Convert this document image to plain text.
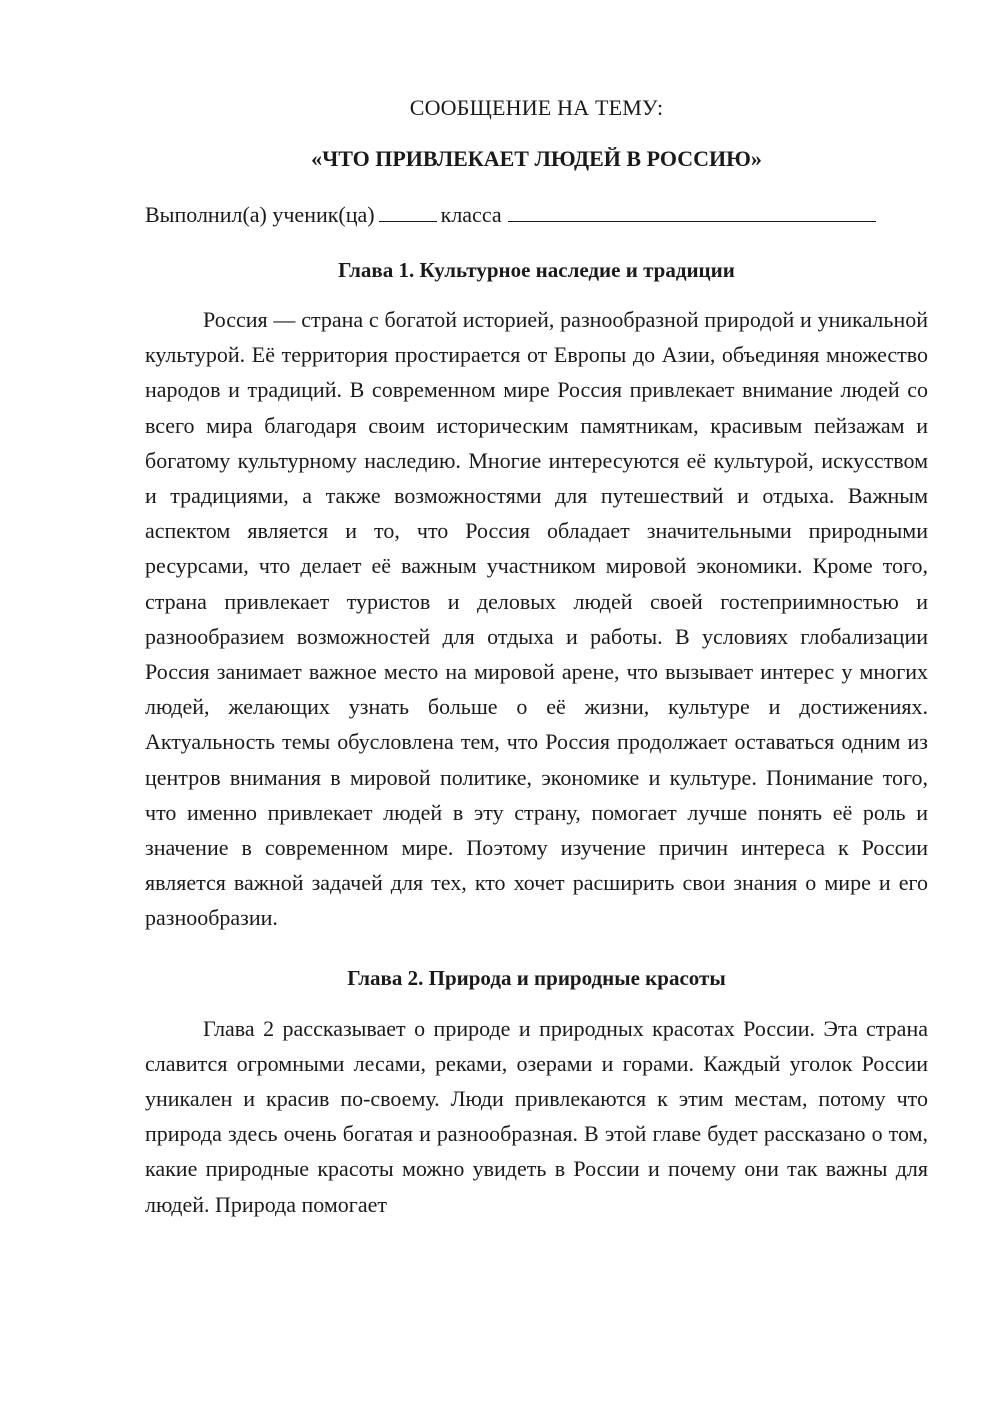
СООБЩЕНИЕ НА ТЕМУ:

«ЧТО ПРИВЛЕКАЕТ ЛЮДЕЙ В РОССИЮ»

Выполнил(а) ученик(ца)	класса

Глава 1. Культурное наследие и традиции

Россия — страна с богатой историей, разнообразной природой и уникальной культурой. Её территория простирается от Европы до Азии, объединяя множество народов и традиций. В современном мире Россия привлекает внимание людей со всего мира благодаря своим историческим памятникам, красивым пейзажам и богатому культурному наследию. Многие интересуются её культурой, искусством и традициями, а также возможностями для путешествий и отдыха. Важным аспектом является и то, что Россия обладает значительными природными ресурсами, что делает её важным участником мировой экономики. Кроме того, страна привлекает туристов и деловых людей своей гостеприимностью и разнообразием возможностей для отдыха и работы. В условиях глобализации Россия занимает важное место на мировой арене, что вызывает интерес у многих людей, желающих узнать больше о её жизни, культуре и достижениях. Актуальность темы обусловлена тем, что Россия продолжает оставаться одним из центров внимания в мировой политике, экономике и культуре. Понимание того, что именно привлекает людей в эту страну, помогает лучше понять её роль и значение в современном мире. Поэтому изучение причин интереса к России является важной задачей для тех, кто хочет расширить свои знания о мире и его разнообразии.

Глава 2. Природа и природные красоты

Глава 2 рассказывает о природе и природных красотах России. Эта страна славится огромными лесами, реками, озерами и горами. Каждый уголок России уникален и красив по-своему. Люди привлекаются к этим местам, потому что природа здесь очень богатая и разнообразная. В этой главе будет рассказано о том, какие природные красоты можно увидеть в России и почему они так важны для людей. Природа помогает
